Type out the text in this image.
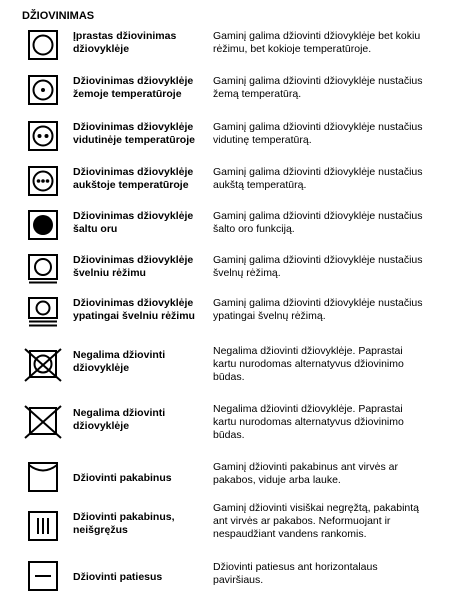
DŽIOVINIMAS
Įprastas džiovinimas džiovyklėje
Gaminį galima džiovinti džiovyklėje bet kokiu rėžimu, bet kokioje temperatūroje.
Džiovinimas džiovyklėje žemoje temperatūroje
Gaminį galima džiovinti džiovyklėje nustačius žemą temperatūrą.
Džiovinimas džiovyklėje vidutinėje temperatūroje
Gaminį galima džiovinti džiovyklėje nustačius vidutinę temperatūrą.
Džiovinimas džiovyklėje aukštoje temperatūroje
Gaminį galima džiovinti džiovyklėje nustačius aukštą temperatūrą.
Džiovinimas džiovyklėje šaltu oru
Gaminį galima džiovinti džiovyklėje nustačius šalto oro funkciją.
Džiovinimas džiovyklėje švelniu rėžimu
Gaminį galima džiovinti džiovyklėje nustačius švelnų rėžimą.
Džiovinimas džiovyklėje ypatingai švelniu rėžimu
Gaminį galima džiovinti džiovyklėje nustačius ypatingai švelnų rėžimą.
Negalima džiovinti džiovyklėje
Negalima džiovinti džiovyklėje. Paprastai kartu nurodomas alternatyvus džiovinimo būdas.
Negalima džiovinti džiovyklėje
Negalima džiovinti džiovyklėje. Paprastai kartu nurodomas alternatyvus džiovinimo būdas.
Džiovinti pakabinus
Gaminį džiovinti pakabinus ant virvės ar pakabos, viduje arba lauke.
Džiovinti pakabinus, neišgręžus
Gaminį džiovinti visiškai negręžtą, pakabintą ant virvės ar pakabos. Neformuojant ir nespaudžiant vandens rankomis.
Džiovinti patiesus
Džiovinti patiesus ant horizontalaus paviršiaus.
